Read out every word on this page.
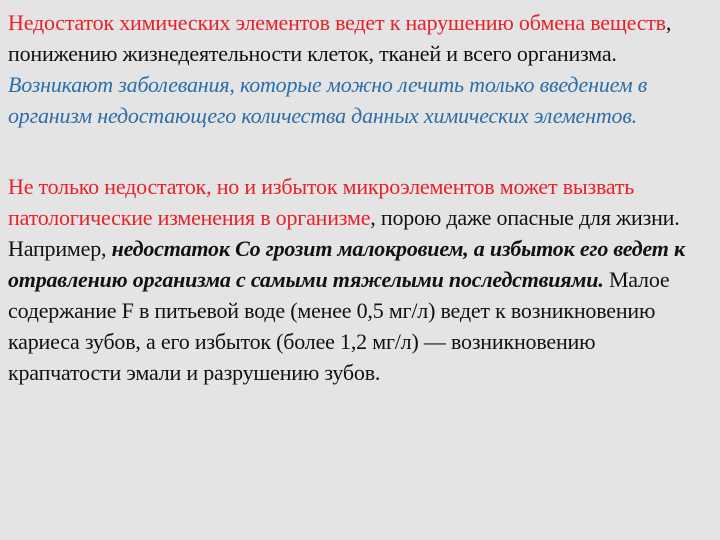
Недостаток химических элементов ведет к нарушению обмена веществ, понижению жизнедеятельности клеток, тканей и всего организма. Возникают заболевания, которые можно лечить только введением в организм недостающего количества данных химических элементов.

Не только недостаток, но и избыток микроэлементов может вызвать патологические изменения в организме, порою даже опасные для жизни. Например, недостаток Co грозит малокровием, а избыток его ведет к отравлению организма с самыми тяжелыми последствиями. Малое содержание F в питьевой воде (менее 0,5 мг/л) ведет к возникновению кариеса зубов, а его избыток (более 1,2 мг/л) — возникновению крапчатости эмали и разрушению зубов.
